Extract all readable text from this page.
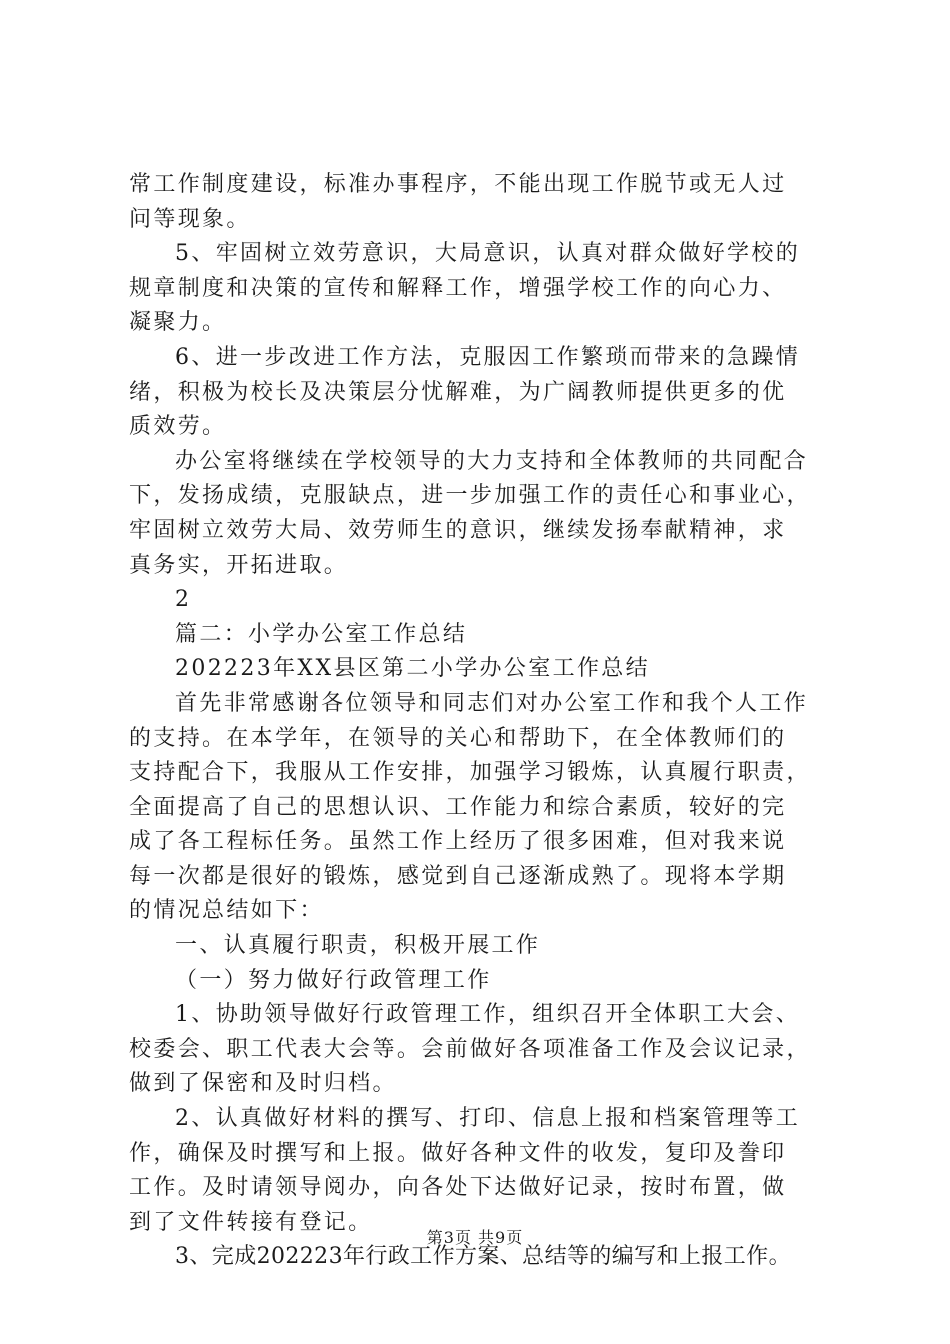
常工作制度建设，标准办事程序，不能出现工作脱节或无人过
问等现象。
5、牢固树立效劳意识，大局意识，认真对群众做好学校的
规章制度和决策的宣传和解释工作，增强学校工作的向心力、
凝聚力。
6、进一步改进工作方法，克服因工作繁琐而带来的急躁情
绪，积极为校长及决策层分忧解难，为广阔教师提供更多的优
质效劳。
办公室将继续在学校领导的大力支持和全体教师的共同配合
下，发扬成绩，克服缺点，进一步加强工作的责任心和事业心，
牢固树立效劳大局、效劳师生的意识，继续发扬奉献精神，求
真务实，开拓进取。
2
篇二：小学办公室工作总结
202223年XX县区第二小学办公室工作总结
首先非常感谢各位领导和同志们对办公室工作和我个人工作
的支持。在本学年，在领导的关心和帮助下，在全体教师们的
支持配合下，我服从工作安排，加强学习锻炼，认真履行职责，
全面提高了自己的思想认识、工作能力和综合素质，较好的完
成了各工程标任务。虽然工作上经历了很多困难，但对我来说
每一次都是很好的锻炼，感觉到自己逐渐成熟了。现将本学期
的情况总结如下：
一、认真履行职责，积极开展工作
（一）努力做好行政管理工作
1、协助领导做好行政管理工作，组织召开全体职工大会、
校委会、职工代表大会等。会前做好各项准备工作及会议记录，
做到了保密和及时归档。
2、认真做好材料的撰写、打印、信息上报和档案管理等工
作，确保及时撰写和上报。做好各种文件的收发，复印及誊印
工作。及时请领导阅办，向各处下达做好记录，按时布置，做
到了文件转接有登记。
3、完成202223年行政工作方案、总结等的编写和上报工作。
第3页 共9页
